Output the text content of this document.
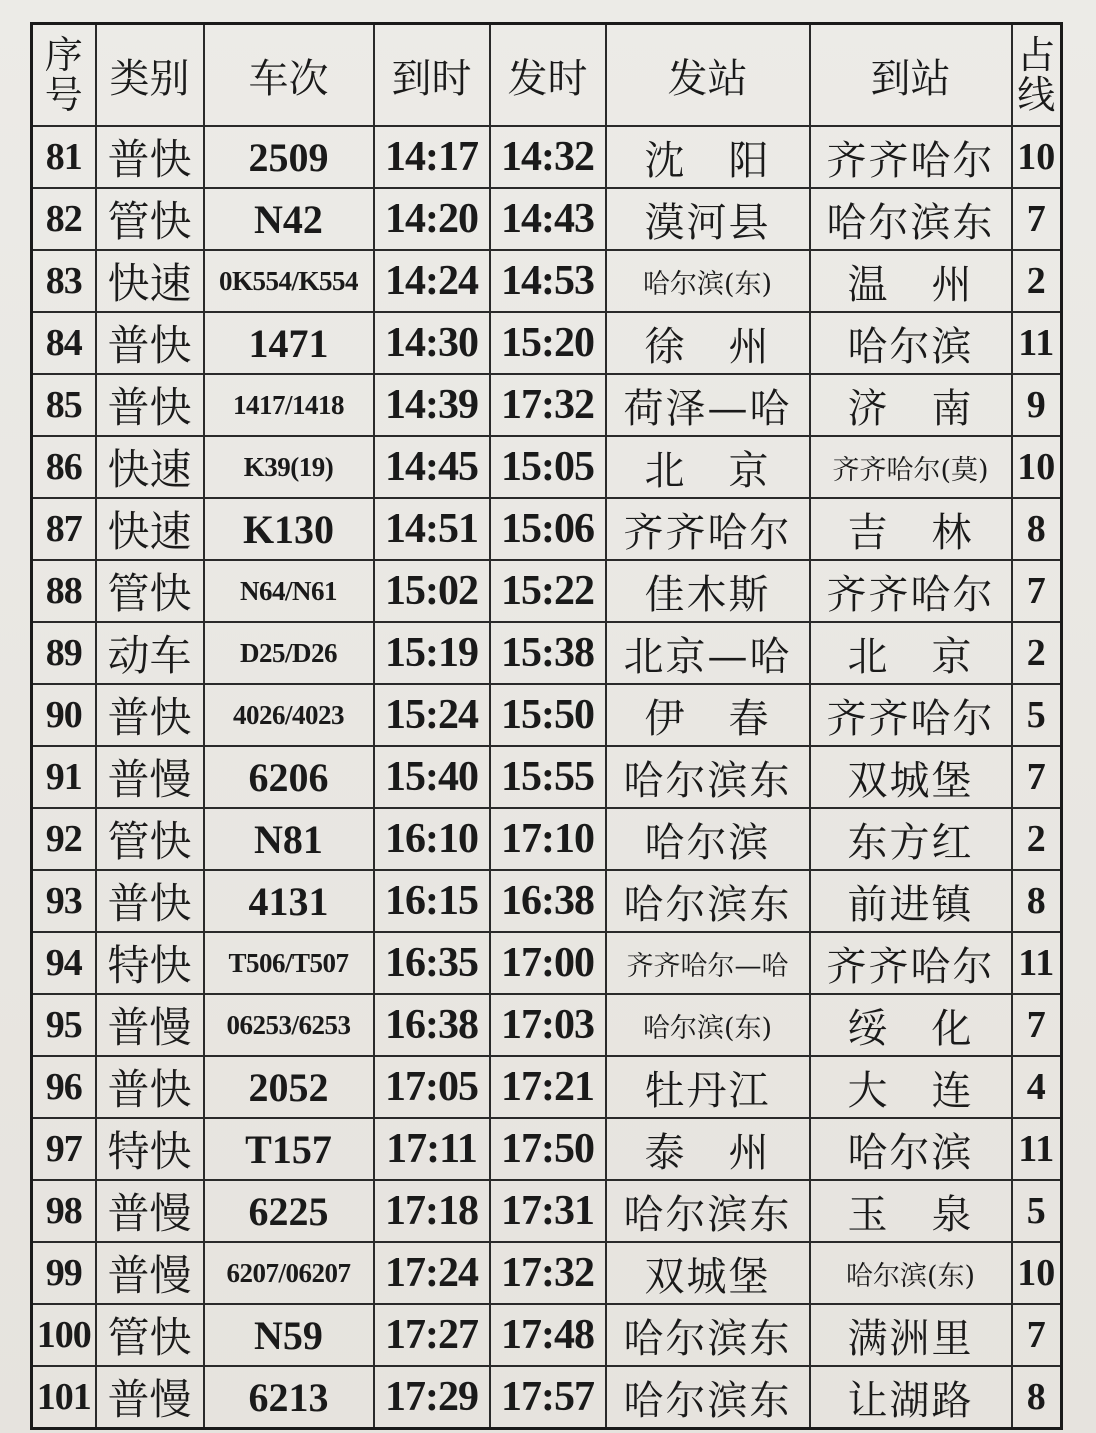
序号	类别	车次	到时	发时	发站	到站	占线
81	普快	2509	14:17	14:32	沈　阳	齐齐哈尔	10
82	管快	N42	14:20	14:43	漠河县	哈尔滨东	7
83	快速	0K554/K554	14:24	14:53	哈尔滨(东)	温　州	2
84	普快	1471	14:30	15:20	徐　州	哈尔滨	11
85	普快	1417/1418	14:39	17:32	荷泽—哈	济　南	9
86	快速	K39(19)	14:45	15:05	北　京	齐齐哈尔(莫)	10
87	快速	K130	14:51	15:06	齐齐哈尔	吉　林	8
88	管快	N64/N61	15:02	15:22	佳木斯	齐齐哈尔	7
89	动车	D25/D26	15:19	15:38	北京—哈	北　京	2
90	普快	4026/4023	15:24	15:50	伊　春	齐齐哈尔	5
91	普慢	6206	15:40	15:55	哈尔滨东	双城堡	7
92	管快	N81	16:10	17:10	哈尔滨	东方红	2
93	普快	4131	16:15	16:38	哈尔滨东	前进镇	8
94	特快	T506/T507	16:35	17:00	齐齐哈尔—哈	齐齐哈尔	11
95	普慢	06253/6253	16:38	17:03	哈尔滨(东)	绥　化	7
96	普快	2052	17:05	17:21	牡丹江	大　连	4
97	特快	T157	17:11	17:50	泰　州	哈尔滨	11
98	普慢	6225	17:18	17:31	哈尔滨东	玉　泉	5
99	普慢	6207/06207	17:24	17:32	双城堡	哈尔滨(东)	10
100	管快	N59	17:27	17:48	哈尔滨东	满洲里	7
101	普慢	6213	17:29	17:57	哈尔滨东	让湖路	8
